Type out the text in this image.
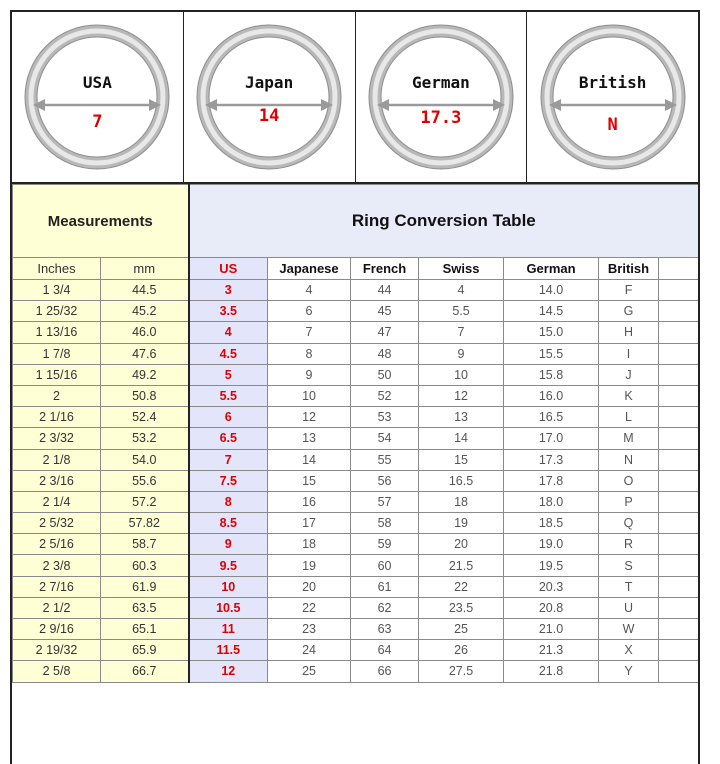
USA
7
Japan
14
German
17.3
British
N
Measurements		Ring Conversion Table						
Inches	mm	US	Japanese	French	Swiss	German	British	
1 3/4	44.5	3	4	44	4	14.0	F	
1 25/32	45.2	3.5	6	45	5.5	14.5	G	
1 13/16	46.0	4	7	47	7	15.0	H	
1 7/8	47.6	4.5	8	48	9	15.5	I	
1 15/16	49.2	5	9	50	10	15.8	J	
2	50.8	5.5	10	52	12	16.0	K	
2 1/16	52.4	6	12	53	13	16.5	L	
2 3/32	53.2	6.5	13	54	14	17.0	M	
2 1/8	54.0	7	14	55	15	17.3	N	
2 3/16	55.6	7.5	15	56	16.5	17.8	O	
2 1/4	57.2	8	16	57	18	18.0	P	
2 5/32	57.82	8.5	17	58	19	18.5	Q	
2 5/16	58.7	9	18	59	20	19.0	R	
2 3/8	60.3	9.5	19	60	21.5	19.5	S	
2 7/16	61.9	10	20	61	22	20.3	T	
2 1/2	63.5	10.5	22	62	23.5	20.8	U	
2 9/16	65.1	11	23	63	25	21.0	W	
2 19/32	65.9	11.5	24	64	26	21.3	X	
2 5/8	66.7	12	25	66	27.5	21.8	Y	
